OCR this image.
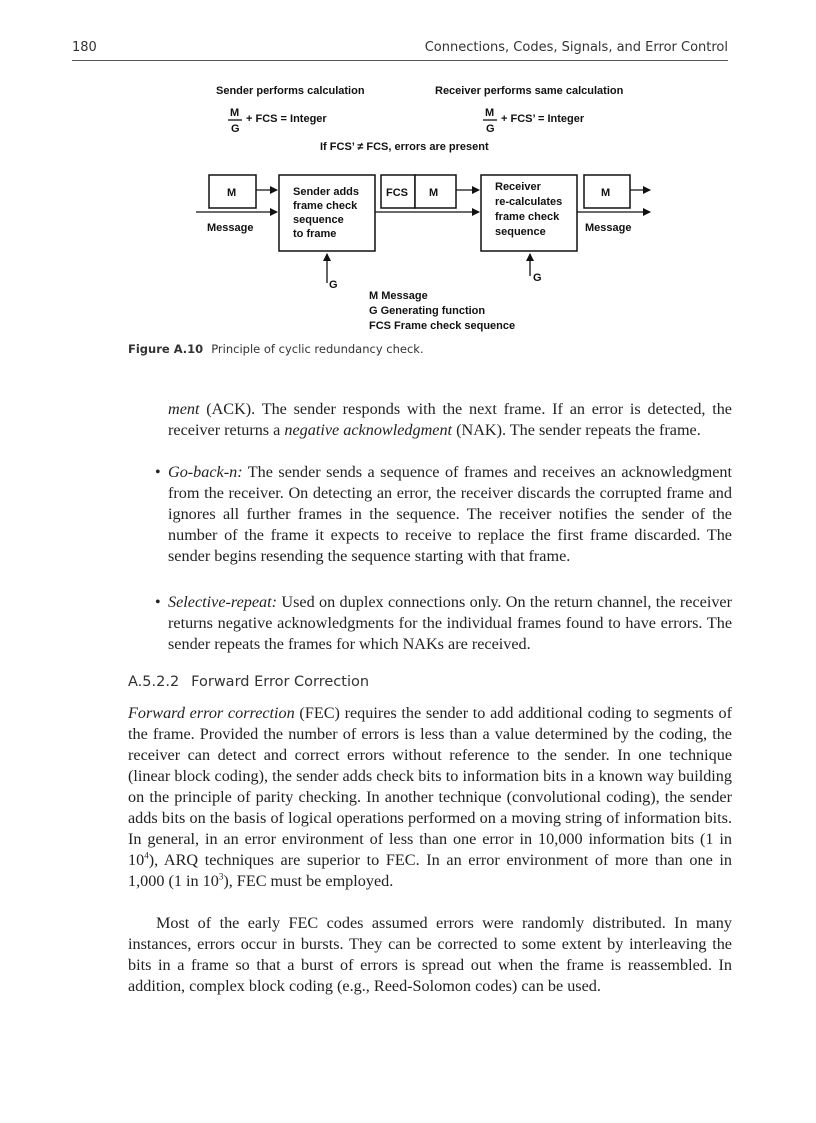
180	Connections, Codes, Signals, and Error Control
Sender performs calculation	Receiver performs same calculation
M
G
+ FCS = Integer	M
G
+ FCS’ = Integer
If FCS’ ≠ FCS, errors are present
M
Message
Sender adds
frame check
sequence
to frame
FCS M	Receiver
re-calculates
frame check
sequence
M
Message
G
G
M Message
G Generating function
FCS Frame check sequence
Figure A.10 Principle of cyclic redundancy check.

ment (ACK). The sender responds with the next frame. If an error is detected, the receiver returns a negative acknowledgment (NAK). The sender repeats the frame.

• Go-back-n: The sender sends a sequence of frames and receives an acknowledgment from the receiver. On detecting an error, the receiver discards the corrupted frame and ignores all further frames in the sequence. The receiver notifies the sender of the number of the frame it expects to receive to replace the first frame discarded. The sender begins resending the sequence starting with that frame.

• Selective-repeat: Used on duplex connections only. On the return channel, the receiver returns negative acknowledgments for the individual frames found to have errors. The sender repeats the frames for which NAKs are received.

A.5.2.2 Forward Error Correction

Forward error correction (FEC) requires the sender to add additional coding to segments of the frame. Provided the number of errors is less than a value determined by the coding, the receiver can detect and correct errors without reference to the sender. In one technique (linear block coding), the sender adds check bits to information bits in a known way building on the principle of parity checking. In another technique (convolutional coding), the sender adds bits on the basis of logical operations performed on a moving string of information bits. In general, in an error environment of less than one error in 10,000 information bits (1 in $10^4$), ARQ techniques are superior to FEC. In an error environment of more than one in 1,000 (1 in $10^3$), FEC must be employed.

Most of the early FEC codes assumed errors were randomly distributed. In many instances, errors occur in bursts. They can be corrected to some extent by interleaving the bits in a frame so that a burst of errors is spread out when the frame is reassembled. In addition, complex block coding (e.g., Reed-Solomon codes) can be used.
